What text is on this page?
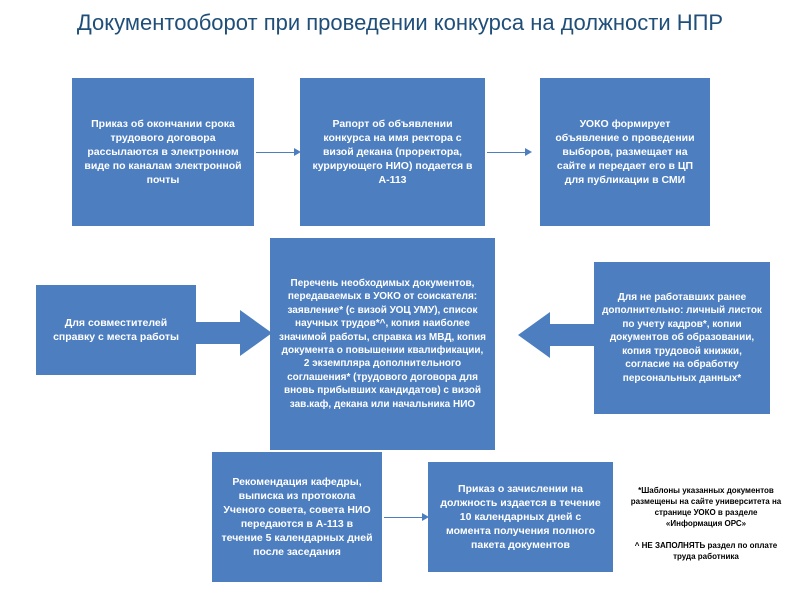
Документооборот при проведении конкурса на должности НПР
Приказ об окончании срока трудового договора рассылаются в электронном виде по каналам электронной почты
Рапорт об объявлении конкурса на имя ректора с визой декана (проректора, курирующего НИО) подается в А-113
УОКО формирует объявление о проведении выборов, размещает на сайте и передает его в ЦП для публикации в СМИ
Перечень необходимых документов, передаваемых в УОКО от соискателя: заявление* (с визой УОЦ УМУ), список научных трудов*^, копия наиболее значимой работы, справка из МВД, копия документа о повышении квалификации, 2 экземпляра дополнительного соглашения* (трудового договора для вновь прибывших кандидатов) с визой зав.каф, декана или начальника НИО
Для совместителей справку с места работы
Для не работавших ранее дополнительно: личный листок по учету кадров*, копии документов об образовании, копия трудовой книжки, согласие на обработку персональных данных*
Рекомендация кафедры, выписка из протокола Ученого совета, совета НИО передаются в А-113 в течение 5 календарных дней после заседания
Приказ о зачислении на должность издается в течение 10 календарных дней с момента получения полного пакета документов
*Шаблоны указанных документов размещены на сайте университета на странице УОКО в разделе «Информация ОРС»
^ НЕ ЗАПОЛНЯТЬ раздел по оплате труда работника
